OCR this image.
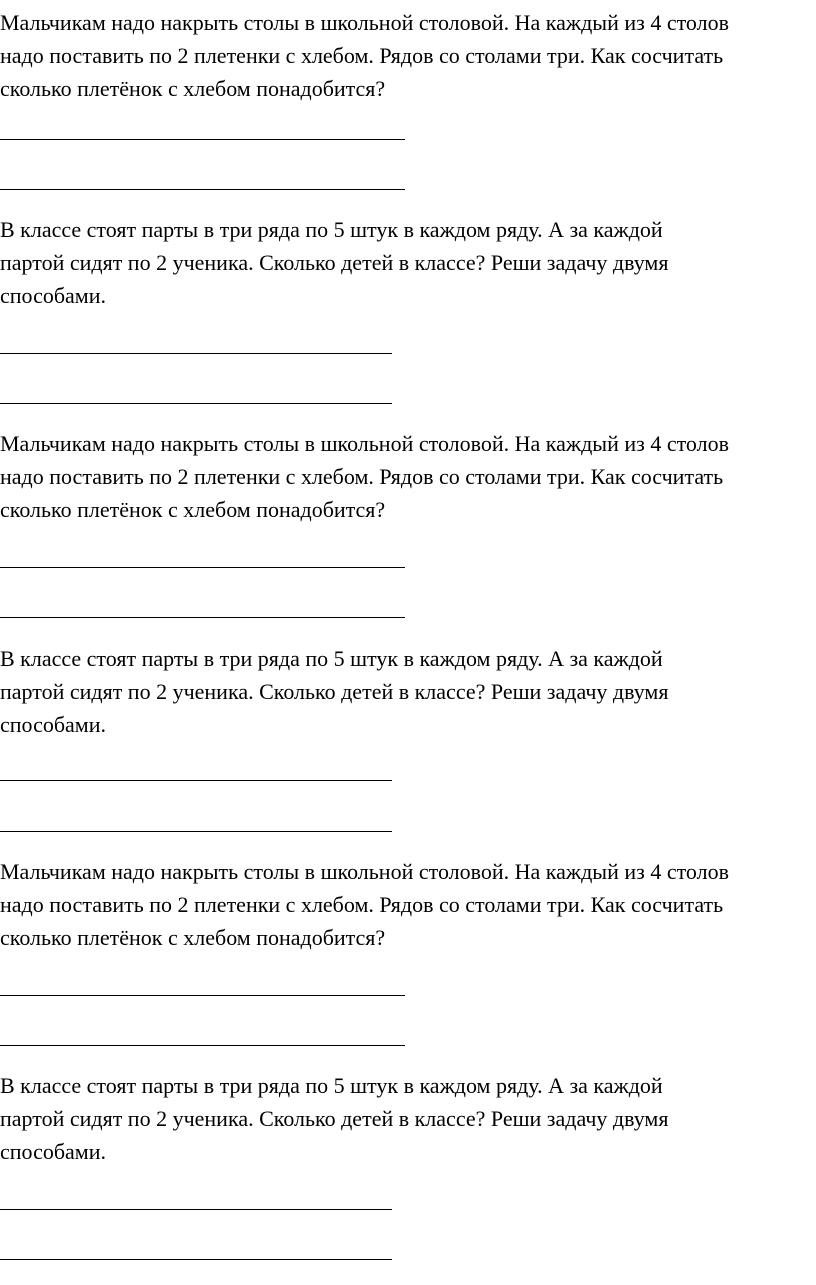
Мальчикам надо накрыть столы в школьной столовой. На каждый из 4 столов
надо поставить по 2 плетенки с хлебом. Рядов со столами три. Как сосчитать
сколько плетёнок с хлебом понадобится?

В классе стоят парты в три ряда по 5 штук в каждом ряду. А за каждой
партой сидят по 2 ученика. Сколько детей в классе? Реши задачу двумя
способами.

Мальчикам надо накрыть столы в школьной столовой. На каждый из 4 столов
надо поставить по 2 плетенки с хлебом. Рядов со столами три. Как сосчитать
сколько плетёнок с хлебом понадобится?

В классе стоят парты в три ряда по 5 штук в каждом ряду. А за каждой
партой сидят по 2 ученика. Сколько детей в классе? Реши задачу двумя
способами.

Мальчикам надо накрыть столы в школьной столовой. На каждый из 4 столов
надо поставить по 2 плетенки с хлебом. Рядов со столами три. Как сосчитать
сколько плетёнок с хлебом понадобится?

В классе стоят парты в три ряда по 5 штук в каждом ряду. А за каждой
партой сидят по 2 ученика. Сколько детей в классе? Реши задачу двумя
способами.
